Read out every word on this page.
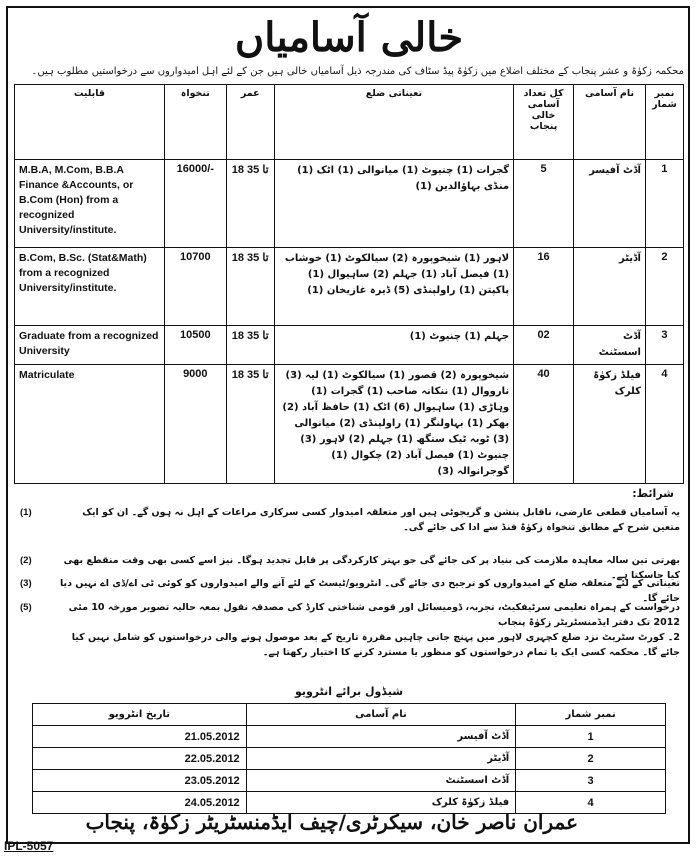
خالی آسامیاں
محکمہ زکوٰۃ و عشر پنجاب کے مختلف اضلاع میں زکوٰۃ پیڈ سٹاف کی مندرجہ ذیل آسامیاں خالی ہیں جن کے لئے اہل امیدواروں سے درخواستیں مطلوب ہیں۔
قابلیت	تنخواہ	عمر	تعیناتی ضلع	کل تعداد آسامی خالی پنجاب	نام آسامی	نمبر شمار
M.B.A, M.Com, B.B.A Finance &Accounts, or B.Com (Hon) from a recognized University/institute.	16000/-	18 تا 35	گجرات (1) چنیوٹ (1) میانوالی (1) اٹک (1) منڈی بہاؤالدین (1)	5	آڈٹ آفیسر	1
B.Com, B.Sc. (Stat&Math) from a recognized University/institute.	10700	18 تا 35	لاہور (1) شیخوپورہ (2) سیالکوٹ (1) خوشاب (1) فیصل آباد (1) جہلم (2) ساہیوال (1) پاکپتن (1) راولپنڈی (5) ڈیرہ غازیخان (1)	16	آڈیٹر	2
Graduate from a recognized University	10500	18 تا 35	جہلم (1) چنیوٹ (1)	02	آڈٹ اسسٹنٹ	3
Matriculate	9000	18 تا 35	شیخوپورہ (2) قصور (1) سیالکوٹ (1) لیہ (3) نارووال (1) ننکانہ صاحب (1) گجرات (1) وہاڑی (1) ساہیوال (6) اٹک (1) حافظ آباد (2) بھکر (1) بہاولنگر (1) راولپنڈی (2) میانوالی (3) ٹوبہ ٹیک سنگھ (1) جہلم (2) لاہور (3) چنیوٹ (1) فیصل آباد (2) چکوال (1) گوجرانوالہ (3)	40	فیلڈ زکوٰۃ کلرک	4
شرائط:
(1)	یہ آسامیاں قطعی عارضی، ناقابل پنشن و گریجوٹی ہیں اور متعلقہ امیدوار کسی سرکاری مراعات کے اہل نہ ہوں گے۔ ان کو ایک متعین شرح کے مطابق تنخواہ زکوٰۃ فنڈ سے ادا کی جائے گی۔
(2)	بھرتی تین سالہ معاہدہ ملازمت کی بنیاد پر کی جائے گی جو بہتر کارکردگی پر قابل تجدید ہوگا۔ نیز اسے کسی بھی وقت منقطع بھی کیا جاسکتا ہے۔
(3)	تعیناتی کے لئے متعلقہ ضلع کے امیدواروں کو ترجیح دی جائے گی۔ انٹرویو/ٹیسٹ کے لئے آنے والے امیدواروں کو کوئی ٹی اے/ڈی اے نہیں دیا جائے گا۔
(5)	درخواست کے ہمراہ تعلیمی سرٹیفکیٹ، تجربہ، ڈومیسائل اور قومی شناختی کارڈ کی مصدقہ نقول بمعہ حالیہ تصویر مورخہ 10 مئی 2012 تک دفتر ایڈمنسٹریٹر زکوٰۃ پنجاب
2۔ کورٹ سٹریٹ نزد ضلع کچہری لاہور میں پہنچ جانی چاہیں مقررہ تاریخ کے بعد موصول ہونے والی درخواستوں کو شامل نہیں کیا جائے گا۔ محکمہ کسی ایک یا تمام درخواستوں کو منظور یا مسترد کرنے کا اختیار رکھتا ہے۔
شیڈول برائے انٹرویو
تاریخ انٹرویو	نام آسامی	نمبر شمار
21.05.2012	آڈٹ آفیسر	1
22.05.2012	آڈیٹر	2
23.05.2012	آڈٹ اسسٹنٹ	3
24.05.2012	فیلڈ زکوٰۃ کلرک	4
عمران ناصر خان، سیکرٹری/چیف ایڈمنسٹریٹر زکوٰۃ، پنجاب
IPL-5057
